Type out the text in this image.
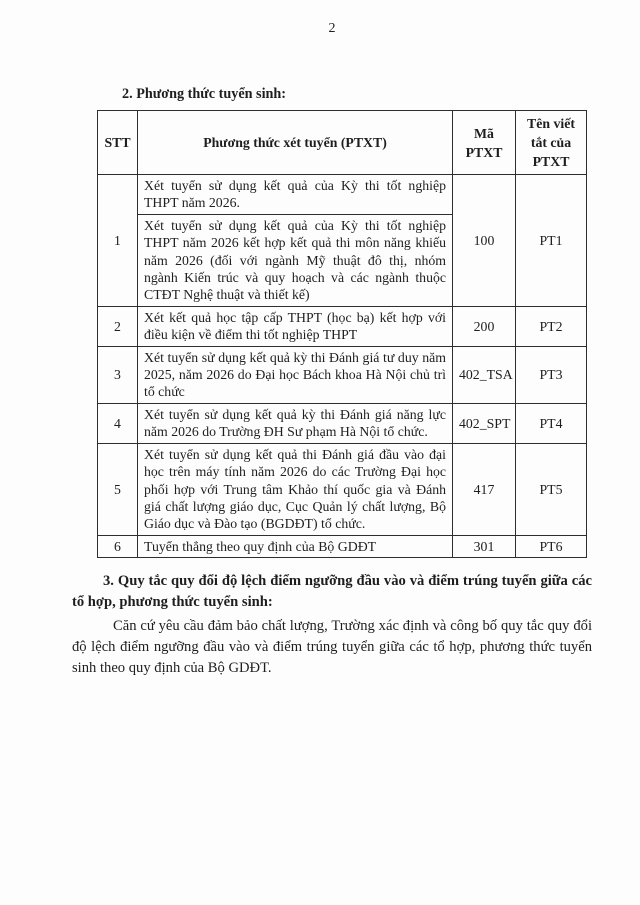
2
2. Phương thức tuyển sinh:
STT	Phương thức xét tuyển (PTXT)	Mã PTXT	Tên viết tắt của PTXT
1	Xét tuyển sử dụng kết quả của Kỳ thi tốt nghiệp THPT năm 2026.	100	PT1
	Xét tuyển sử dụng kết quả của Kỳ thi tốt nghiệp THPT năm 2026 kết hợp kết quả thi môn năng khiếu năm 2026 (đối với ngành Mỹ thuật đô thị, nhóm ngành Kiến trúc và quy hoạch và các ngành thuộc CTĐT Nghệ thuật và thiết kế)		
2	Xét kết quả học tập cấp THPT (học bạ) kết hợp với điều kiện về điểm thi tốt nghiệp THPT	200	PT2
3	Xét tuyển sử dụng kết quả kỳ thi Đánh giá tư duy năm 2025, năm 2026 do Đại học Bách khoa Hà Nội chủ trì tổ chức	402_TSA	PT3
4	Xét tuyển sử dụng kết quả kỳ thi Đánh giá năng lực năm 2026 do Trường ĐH Sư phạm Hà Nội tổ chức.	402_SPT	PT4
5	Xét tuyển sử dụng kết quả thi Đánh giá đầu vào đại học trên máy tính năm 2026 do các Trường Đại học phối hợp với Trung tâm Khảo thí quốc gia và Đánh giá chất lượng giáo dục, Cục Quản lý chất lượng, Bộ Giáo dục và Đào tạo (BGDĐT) tổ chức.	417	PT5
6	Tuyển thẳng theo quy định của Bộ GDĐT	301	PT6
3. Quy tắc quy đổi độ lệch điểm ngưỡng đầu vào và điểm trúng tuyển giữa các tổ hợp, phương thức tuyển sinh:
Căn cứ yêu cầu đảm bảo chất lượng, Trường xác định và công bố quy tắc quy đổi độ lệch điểm ngưỡng đầu vào và điểm trúng tuyển giữa các tổ hợp, phương thức tuyển sinh theo quy định của Bộ GDĐT.
